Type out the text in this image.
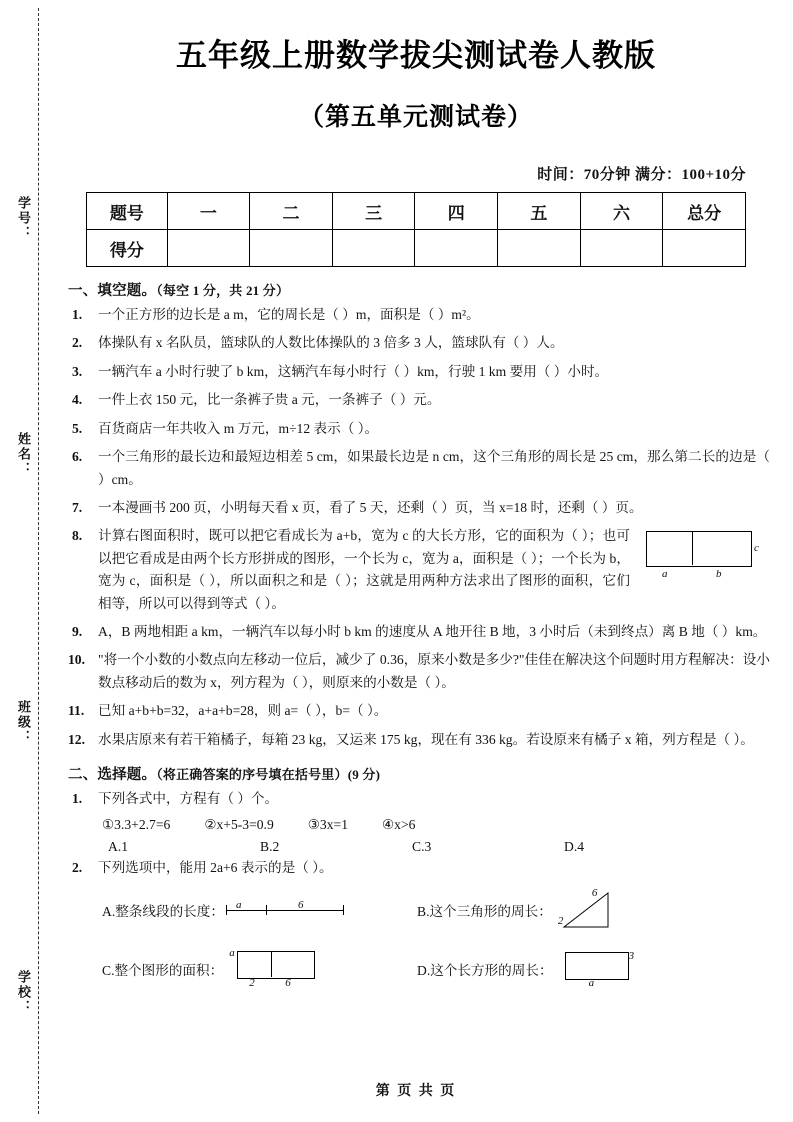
学号：
姓名：
班级：
学校：
五年级上册数学拔尖测试卷人教版
（第五单元测试卷）
时间：70分钟 满分：100+10分
题号	一	二	三	四	五	六	总分
得分							
一、填空题。（每空 1 分，共 21 分）
1. 一个正方形的边长是 a m，它的周长是（ ）m，面积是（ ）m²。
2. 体操队有 x 名队员，篮球队的人数比体操队的 3 倍多 3 人，篮球队有（ ）人。
3. 一辆汽车 a 小时行驶了 b km，这辆汽车每小时行（ ）km，行驶 1 km 要用（ ）小时。
4. 一件上衣 150 元，比一条裤子贵 a 元，一条裤子（ ）元。
5. 百货商店一年共收入 m 万元，m÷12 表示（ ）。
6. 一个三角形的最长边和最短边相差 5 cm，如果最长边是 n cm，这个三角形的周长是 25 cm，那么第二长的边是（ ）cm。
7. 一本漫画书 200 页，小明每天看 x 页，看了 5 天，还剩（ ）页，当 x=18 时，还剩（ ）页。
8. 计算右图面积时，既可以把它看成长为 a+b，宽为 c 的大长方形，它的面积为（ ）；也可以把它看成是由两个长方形拼成的图形，一个长为 c，宽为 a，面积是（ ）；一个长为 b，宽为 c，面积是（ ），所以面积之和是（ ）；这就是用两种方法求出了图形的面积，它们相等，所以可以得到等式（ ）。
a	b
c
9. A，B 两地相距 a km，一辆汽车以每小时 b km 的速度从 A 地开往 B 地，3 小时后（未到终点）离 B 地（ ）km。
10. "将一个小数的小数点向左移动一位后，减少了 0.36，原来小数是多少?"佳佳在解决这个问题时用方程解决：设小数点移动后的数为 x，列方程为（ ），则原来的小数是（ ）。
11. 已知 a+b+b=32，a+a+b=28，则 a=（ ），b=（ ）。
12. 水果店原来有若干箱橘子，每箱 23 kg，又运来 175 kg，现在有 336 kg。若设原来有橘子 x 箱，列方程是（ ）。
二、选择题。（将正确答案的序号填在括号里）(9 分)
1. 下列各式中，方程有（ ）个。
①3.3+2.7=6	②x+5-3=0.9	③3x=1	④x>6
A.1	B.2	C.3	D.4
2. 下列选项中，能用 2a+6 表示的是（ ）。
A.整条线段的长度： a	6	B.这个三角形的周长：
6
2
C.整个图形的面积：
a
2	6
D.这个长方形的周长：
3
a
第 页 共 页
